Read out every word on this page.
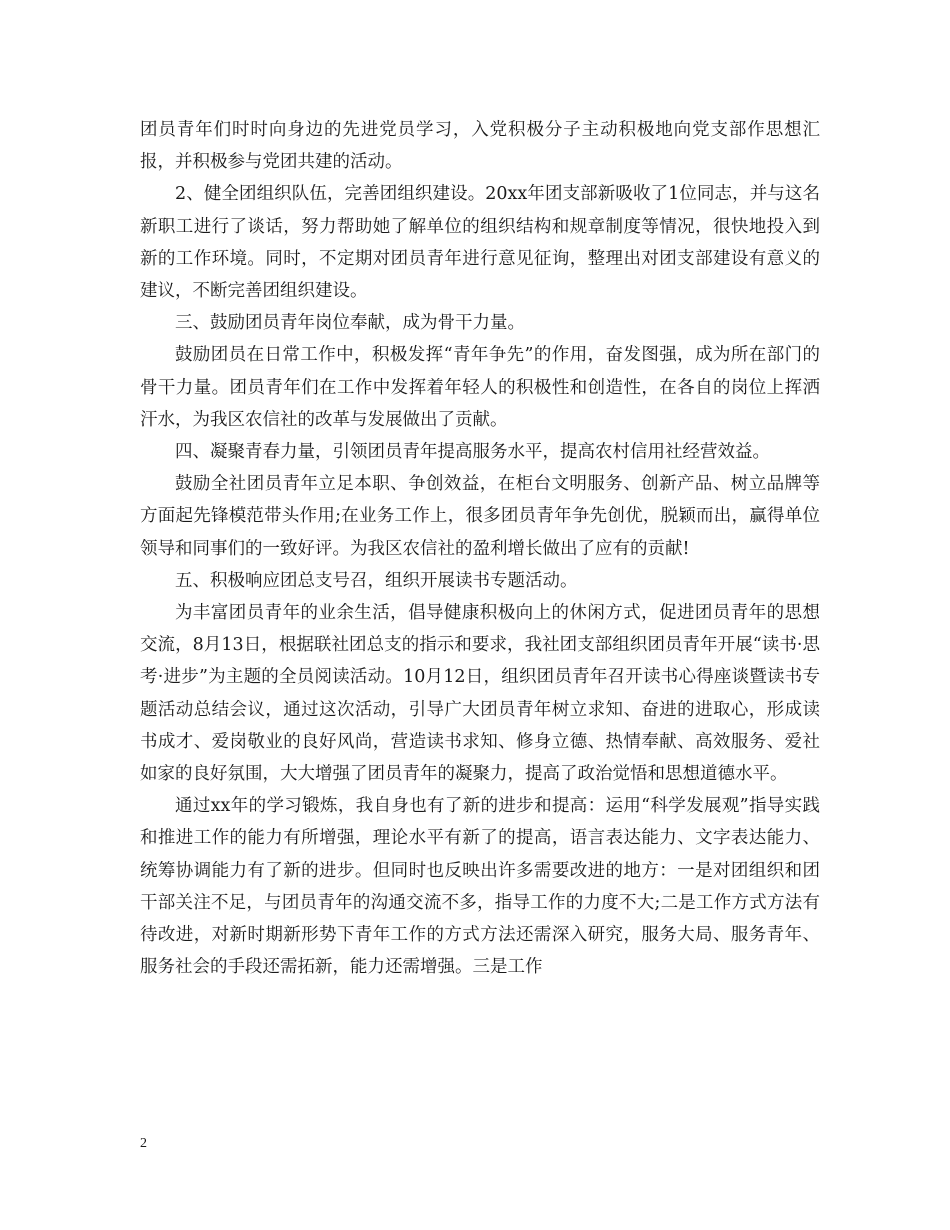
团员青年们时时向身边的先进党员学习，入党积极分子主动积极地向党支部作思想汇报，并积极参与党团共建的活动。

2、健全团组织队伍，完善团组织建设。20xx年团支部新吸收了1位同志，并与这名新职工进行了谈话，努力帮助她了解单位的组织结构和规章制度等情况，很快地投入到新的工作环境。同时，不定期对团员青年进行意见征询，整理出对团支部建设有意义的建议，不断完善团组织建设。

三、鼓励团员青年岗位奉献，成为骨干力量。

鼓励团员在日常工作中，积极发挥“青年争先”的作用，奋发图强，成为所在部门的骨干力量。团员青年们在工作中发挥着年轻人的积极性和创造性，在各自的岗位上挥洒汗水，为我区农信社的改革与发展做出了贡献。

四、凝聚青春力量，引领团员青年提高服务水平，提高农村信用社经营效益。

鼓励全社团员青年立足本职、争创效益，在柜台文明服务、创新产品、树立品牌等方面起先锋模范带头作用;在业务工作上，很多团员青年争先创优，脱颖而出，赢得单位领导和同事们的一致好评。为我区农信社的盈利增长做出了应有的贡献!

五、积极响应团总支号召，组织开展读书专题活动。

为丰富团员青年的业余生活，倡导健康积极向上的休闲方式，促进团员青年的思想交流，8月13日，根据联社团总支的指示和要求，我社团支部组织团员青年开展“读书·思考·进步”为主题的全员阅读活动。10月12日，组织团员青年召开读书心得座谈暨读书专题活动总结会议，通过这次活动，引导广大团员青年树立求知、奋进的进取心，形成读书成才、爱岗敬业的良好风尚，营造读书求知、修身立德、热情奉献、高效服务、爱社如家的良好氛围，大大增强了团员青年的凝聚力，提高了政治觉悟和思想道德水平。

通过xx年的学习锻炼，我自身也有了新的进步和提高：运用“科学发展观”指导实践和推进工作的能力有所增强，理论水平有新了的提高，语言表达能力、文字表达能力、统筹协调能力有了新的进步。但同时也反映出许多需要改进的地方：一是对团组织和团干部关注不足，与团员青年的沟通交流不多，指导工作的力度不大;二是工作方式方法有待改进，对新时期新形势下青年工作的方式方法还需深入研究，服务大局、服务青年、服务社会的手段还需拓新，能力还需增强。三是工作

2
